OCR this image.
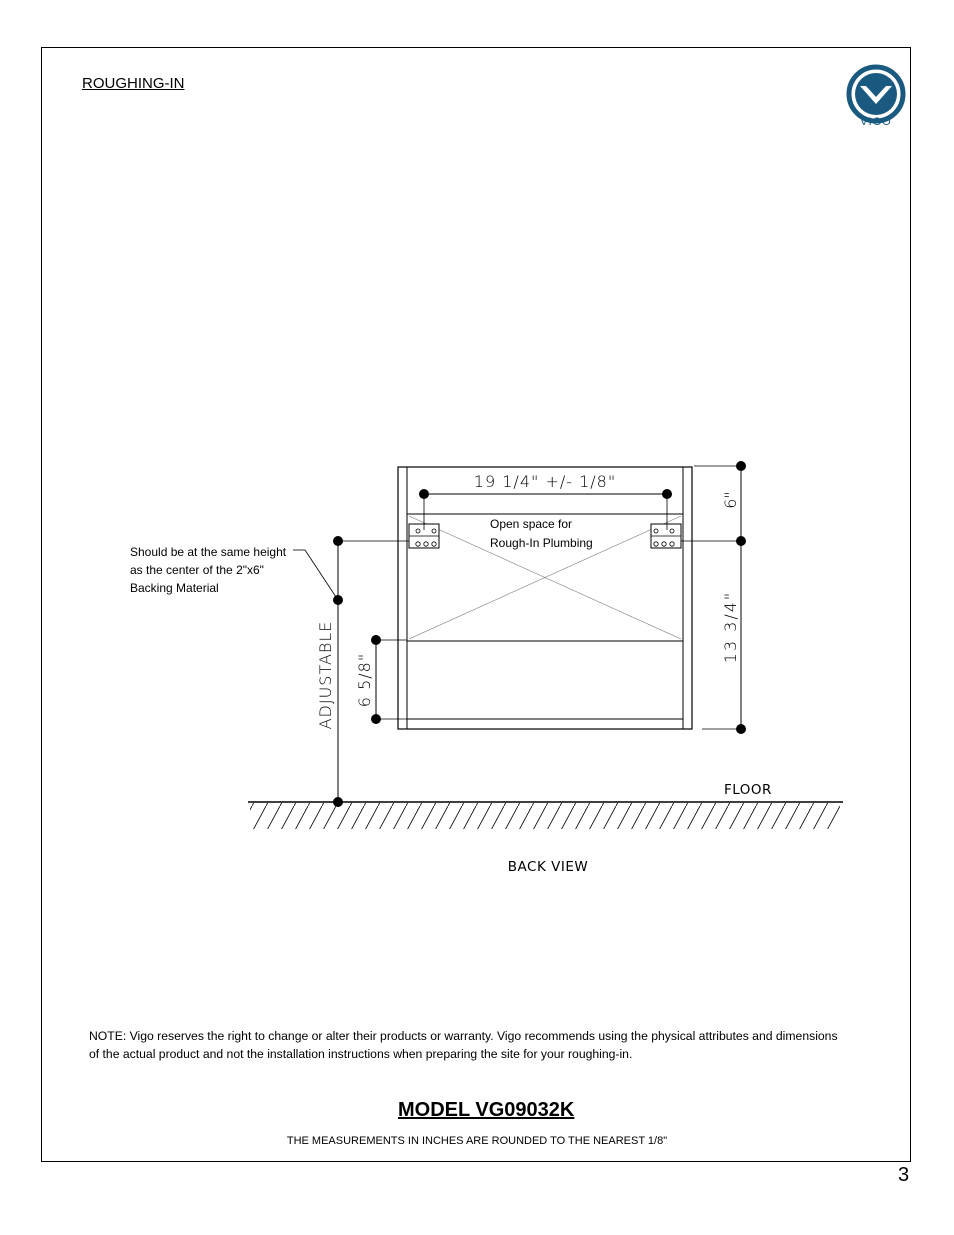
ROUGHING-IN
VIGO
19 1/4" +/- 1/8"
Open space for
Rough-In Plumbing
6"
13 3/4"
ADJUSTABLE 6 5/8"
Should be at the same height
as the center of the 2"x6"
Backing Material
FLOOR
BACK VIEW
NOTE: Vigo reserves the right to change or alter their products or warranty. Vigo recommends using the physical attributes and dimensions
of the actual product and not the installation instructions when preparing the site for your roughing-in.
MODEL VG09032K
THE MEASUREMENTS IN INCHES ARE ROUNDED TO THE NEAREST 1/8"
3
